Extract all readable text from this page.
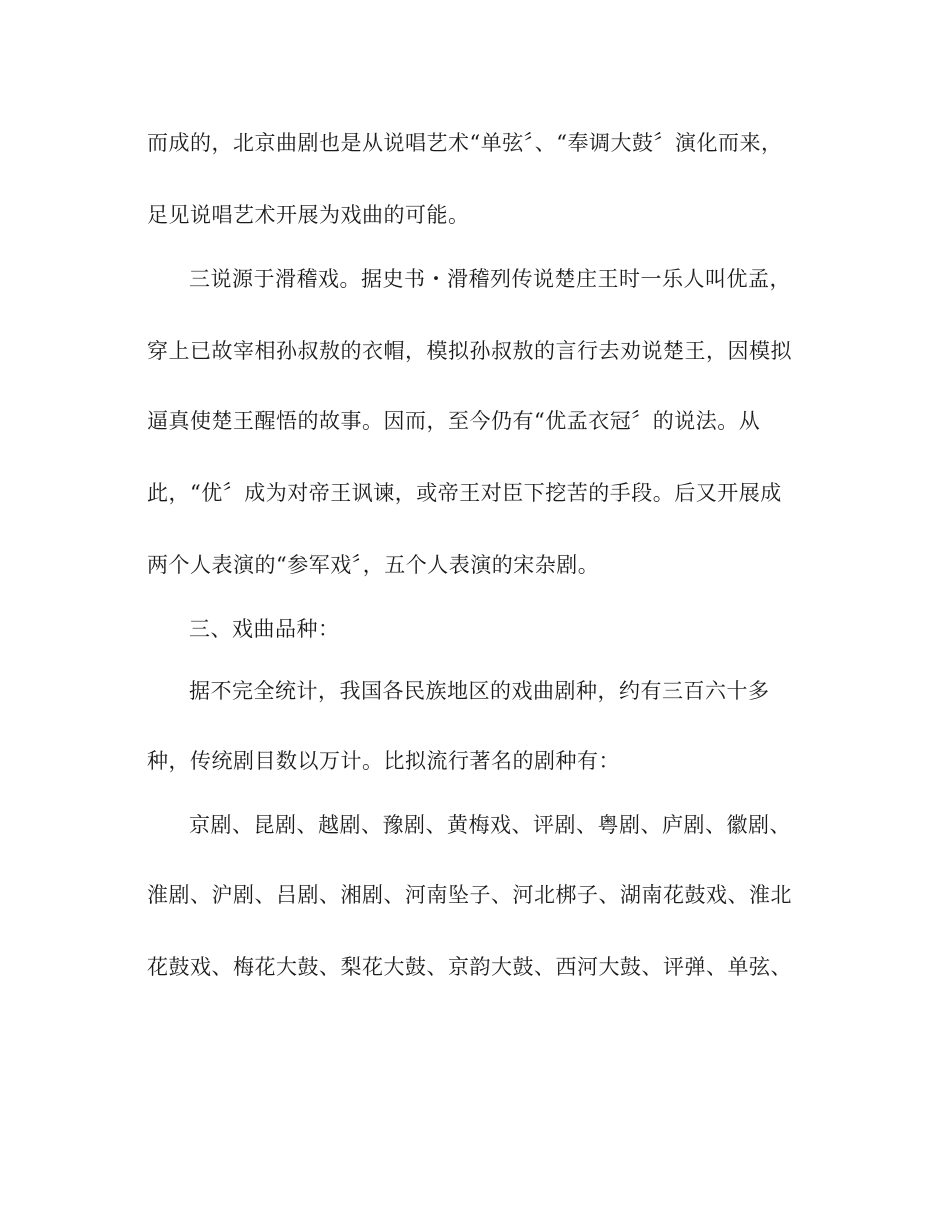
而成的，北京曲剧也是从说唱艺术“单弦〞、“奉调大鼓〞演化而来，
足见说唱艺术开展为戏曲的可能。
三说源于滑稽戏。据史书・滑稽列传说楚庄王时一乐人叫优孟，
穿上已故宰相孙叔敖的衣帽，模拟孙叔敖的言行去劝说楚王，因模拟
逼真使楚王醒悟的故事。因而，至今仍有“优孟衣冠〞的说法。从
此，“优〞成为对帝王讽谏，或帝王对臣下挖苦的手段。后又开展成
两个人表演的“参军戏〞，五个人表演的宋杂剧。
三、戏曲品种：
据不完全统计，我国各民族地区的戏曲剧种，约有三百六十多
种，传统剧目数以万计。比拟流行著名的剧种有：
京剧、昆剧、越剧、豫剧、黄梅戏、评剧、粤剧、庐剧、徽剧、
淮剧、沪剧、吕剧、湘剧、河南坠子、河北梆子、湖南花鼓戏、淮北
花鼓戏、梅花大鼓、梨花大鼓、京韵大鼓、西河大鼓、评弹、单弦、
